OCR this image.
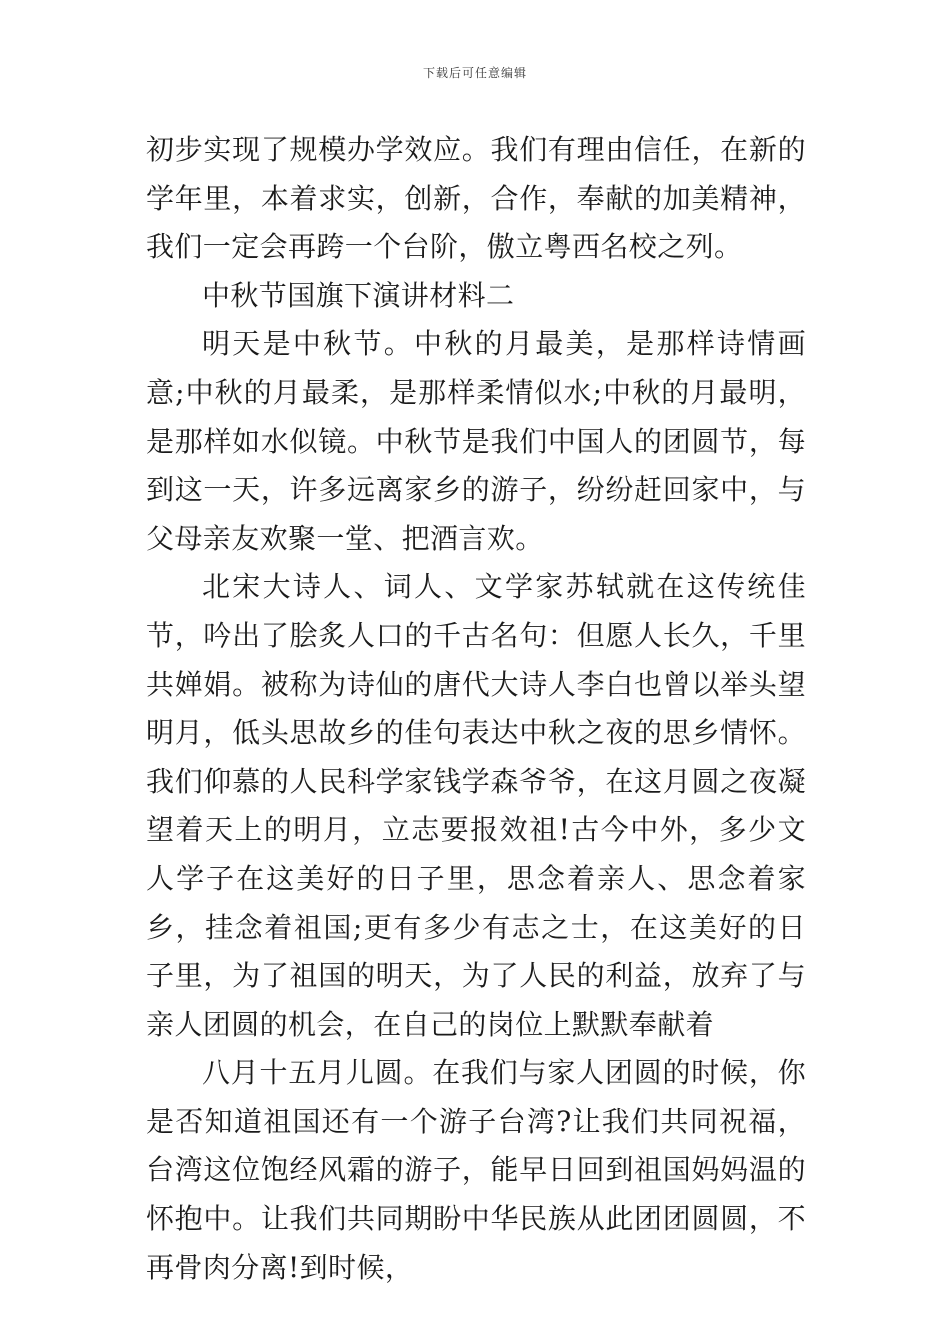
下载后可任意编辑

初步实现了规模办学效应。我们有理由信任，在新的学年里，本着求实，创新，合作，奉献的加美精神，我们一定会再跨一个台阶，傲立粤西名校之列。

中秋节国旗下演讲材料二

明天是中秋节。中秋的月最美，是那样诗情画意;中秋的月最柔，是那样柔情似水;中秋的月最明，是那样如水似镜。中秋节是我们中国人的团圆节，每到这一天，许多远离家乡的游子，纷纷赶回家中，与父母亲友欢聚一堂、把酒言欢。

北宋大诗人、词人、文学家苏轼就在这传统佳节，吟出了脍炙人口的千古名句：但愿人长久，千里共婵娟。被称为诗仙的唐代大诗人李白也曾以举头望明月，低头思故乡的佳句表达中秋之夜的思乡情怀。我们仰慕的人民科学家钱学森爷爷，在这月圆之夜凝望着天上的明月，立志要报效祖!古今中外，多少文人学子在这美好的日子里，思念着亲人、思念着家乡，挂念着祖国;更有多少有志之士，在这美好的日子里，为了祖国的明天，为了人民的利益，放弃了与亲人团圆的机会，在自己的岗位上默默奉献着

八月十五月儿圆。在我们与家人团圆的时候，你是否知道祖国还有一个游子台湾?让我们共同祝福，台湾这位饱经风霜的游子，能早日回到祖国妈妈温的怀抱中。让我们共同期盼中华民族从此团团圆圆，不再骨肉分离!到时候，
